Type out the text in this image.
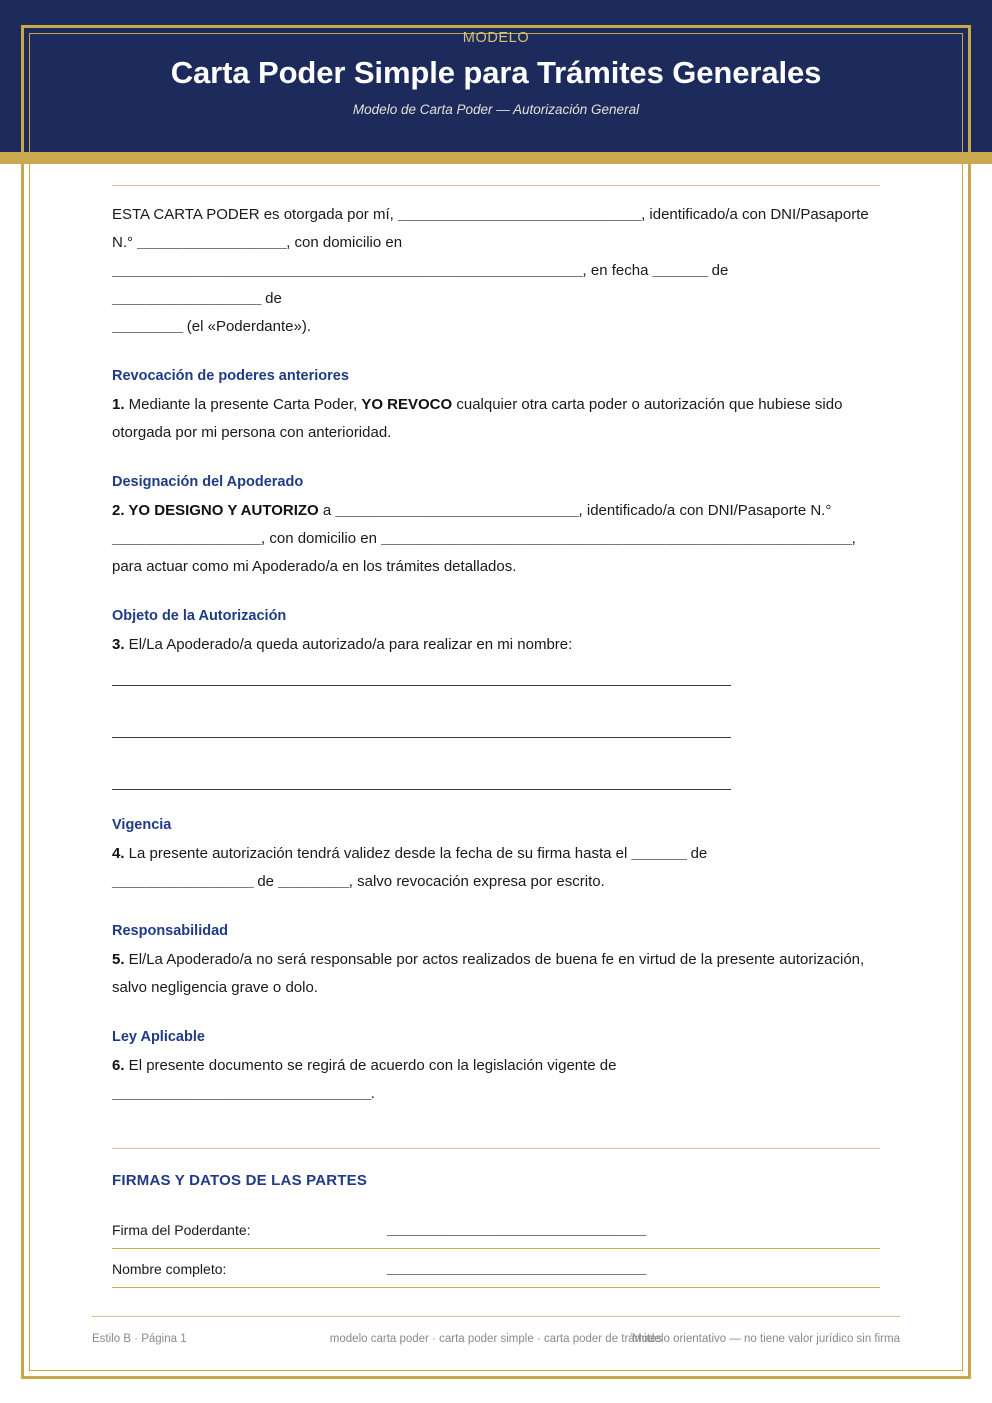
MODELO
Carta Poder Simple para Trámites Generales
Modelo de Carta Poder — Autorización General

ESTA CARTA PODER es otorgada por mí, _______________________________, identificado/a con DNI/Pasaporte N.° ___________________, con domicilio en
____________________________________________________________, en fecha _______ de ___________________ de
_________ (el «Poderdante»).

Revocación de poderes anteriores

1. Mediante la presente Carta Poder, YO REVOCO cualquier otra carta poder o autorización que hubiese sido otorgada por mi persona con anterioridad.

Designación del Apoderado

2. YO DESIGNO Y AUTORIZO a _______________________________, identificado/a con DNI/Pasaporte N.°
___________________, con domicilio en ____________________________________________________________, para actuar como mi Apoderado/a en los trámites detallados.

Objeto de la Autorización

3. El/La Apoderado/a queda autorizado/a para realizar en mi nombre:

Vigencia

4. La presente autorización tendrá validez desde la fecha de su firma hasta el _______ de
__________________ de _________, salvo revocación expresa por escrito.

Responsabilidad

5. El/La Apoderado/a no será responsable por actos realizados de buena fe en virtud de la presente autorización, salvo negligencia grave o dolo.

Ley Aplicable

6. El presente documento se regirá de acuerdo con la legislación vigente de
_________________________________.

FIRMAS Y DATOS DE LAS PARTES
Firma del Poderdante:	_________________________________
Nombre completo:	_________________________________
Estilo B · Página 1	modelo carta poder · carta poder simple · carta poder de trámites
Modelo orientativo — no tiene valor jurídico sin firma
